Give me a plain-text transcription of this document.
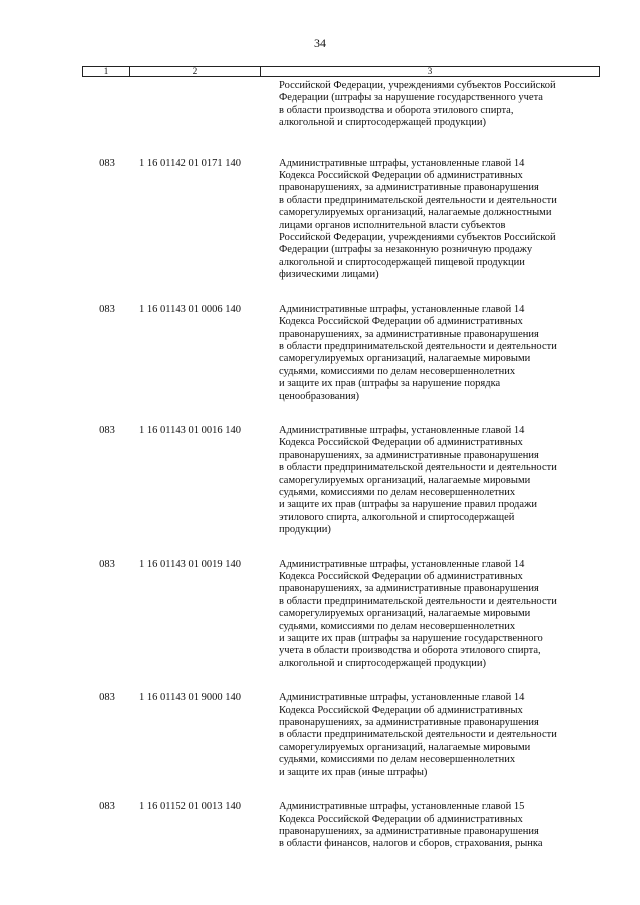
34
1	2	3
Российской Федерации, учреждениями субъектов Российской
Федерации (штрафы за нарушение государственного учета
в области производства и оборота этилового спирта,
алкогольной и спиртосодержащей продукции)
083	1 16 01142 01 0171 140	Административные штрафы, установленные главой 14
Кодекса Российской Федерации об административных
правонарушениях, за административные правонарушения
в области предпринимательской деятельности и деятельности
саморегулируемых организаций, налагаемые должностными
лицами органов исполнительной власти субъектов
Российской Федерации, учреждениями субъектов Российской
Федерации (штрафы за незаконную розничную продажу
алкогольной и спиртосодержащей пищевой продукции
физическими лицами)
083	1 16 01143 01 0006 140	Административные штрафы, установленные главой 14
Кодекса Российской Федерации об административных
правонарушениях, за административные правонарушения
в области предпринимательской деятельности и деятельности
саморегулируемых организаций, налагаемые мировыми
судьями, комиссиями по делам несовершеннолетних
и защите их прав (штрафы за нарушение порядка
ценообразования)
083	1 16 01143 01 0016 140	Административные штрафы, установленные главой 14
Кодекса Российской Федерации об административных
правонарушениях, за административные правонарушения
в области предпринимательской деятельности и деятельности
саморегулируемых организаций, налагаемые мировыми
судьями, комиссиями по делам несовершеннолетних
и защите их прав (штрафы за нарушение правил продажи
этилового спирта, алкогольной и спиртосодержащей
продукции)
083	1 16 01143 01 0019 140	Административные штрафы, установленные главой 14
Кодекса Российской Федерации об административных
правонарушениях, за административные правонарушения
в области предпринимательской деятельности и деятельности
саморегулируемых организаций, налагаемые мировыми
судьями, комиссиями по делам несовершеннолетних
и защите их прав (штрафы за нарушение государственного
учета в области производства и оборота этилового спирта,
алкогольной и спиртосодержащей продукции)
083	1 16 01143 01 9000 140	Административные штрафы, установленные главой 14
Кодекса Российской Федерации об административных
правонарушениях, за административные правонарушения
в области предпринимательской деятельности и деятельности
саморегулируемых организаций, налагаемые мировыми
судьями, комиссиями по делам несовершеннолетних
и защите их прав (иные штрафы)
083	1 16 01152 01 0013 140	Административные штрафы, установленные главой 15
Кодекса Российской Федерации об административных
правонарушениях, за административные правонарушения
в области финансов, налогов и сборов, страхования, рынка
